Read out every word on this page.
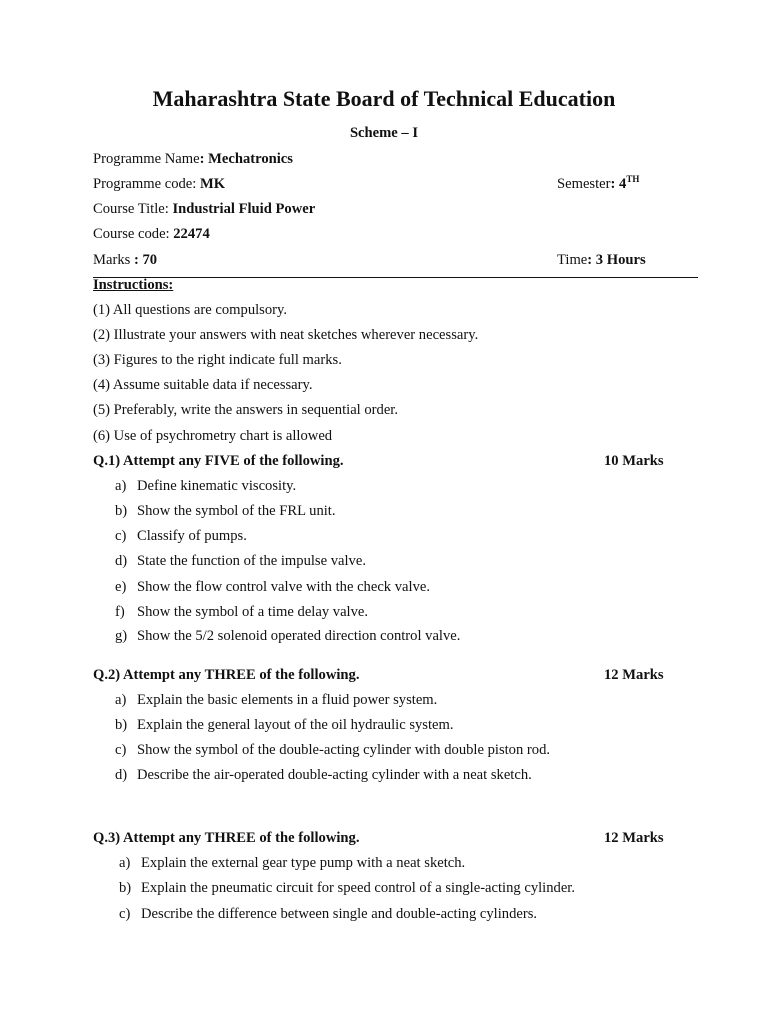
Maharashtra State Board of Technical Education
Scheme – I
Programme Name: Mechatronics
Programme code: MK	Semester: 4TH
Course Title: Industrial Fluid Power
Course code: 22474
Marks : 70	Time: 3 Hours
Instructions:
(1) All questions are compulsory.
(2) Illustrate your answers with neat sketches wherever necessary.
(3) Figures to the right indicate full marks.
(4) Assume suitable data if necessary.
(5) Preferably, write the answers in sequential order.
(6) Use of psychrometry chart is allowed
Q.1) Attempt any FIVE of the following.	10 Marks
a) Define kinematic viscosity.
b) Show the symbol of the FRL unit.
c) Classify of pumps.
d) State the function of the impulse valve.
e) Show the flow control valve with the check valve.
f) Show the symbol of a time delay valve.
g) Show the 5/2 solenoid operated direction control valve.
Q.2) Attempt any THREE of the following.	12 Marks
a) Explain the basic elements in a fluid power system.
b) Explain the general layout of the oil hydraulic system.
c) Show the symbol of the double-acting cylinder with double piston rod.
d) Describe the air-operated double-acting cylinder with a neat sketch.
Q.3) Attempt any THREE of the following.	12 Marks
a) Explain the external gear type pump with a neat sketch.
b) Explain the pneumatic circuit for speed control of a single-acting cylinder.
c) Describe the difference between single and double-acting cylinders.
